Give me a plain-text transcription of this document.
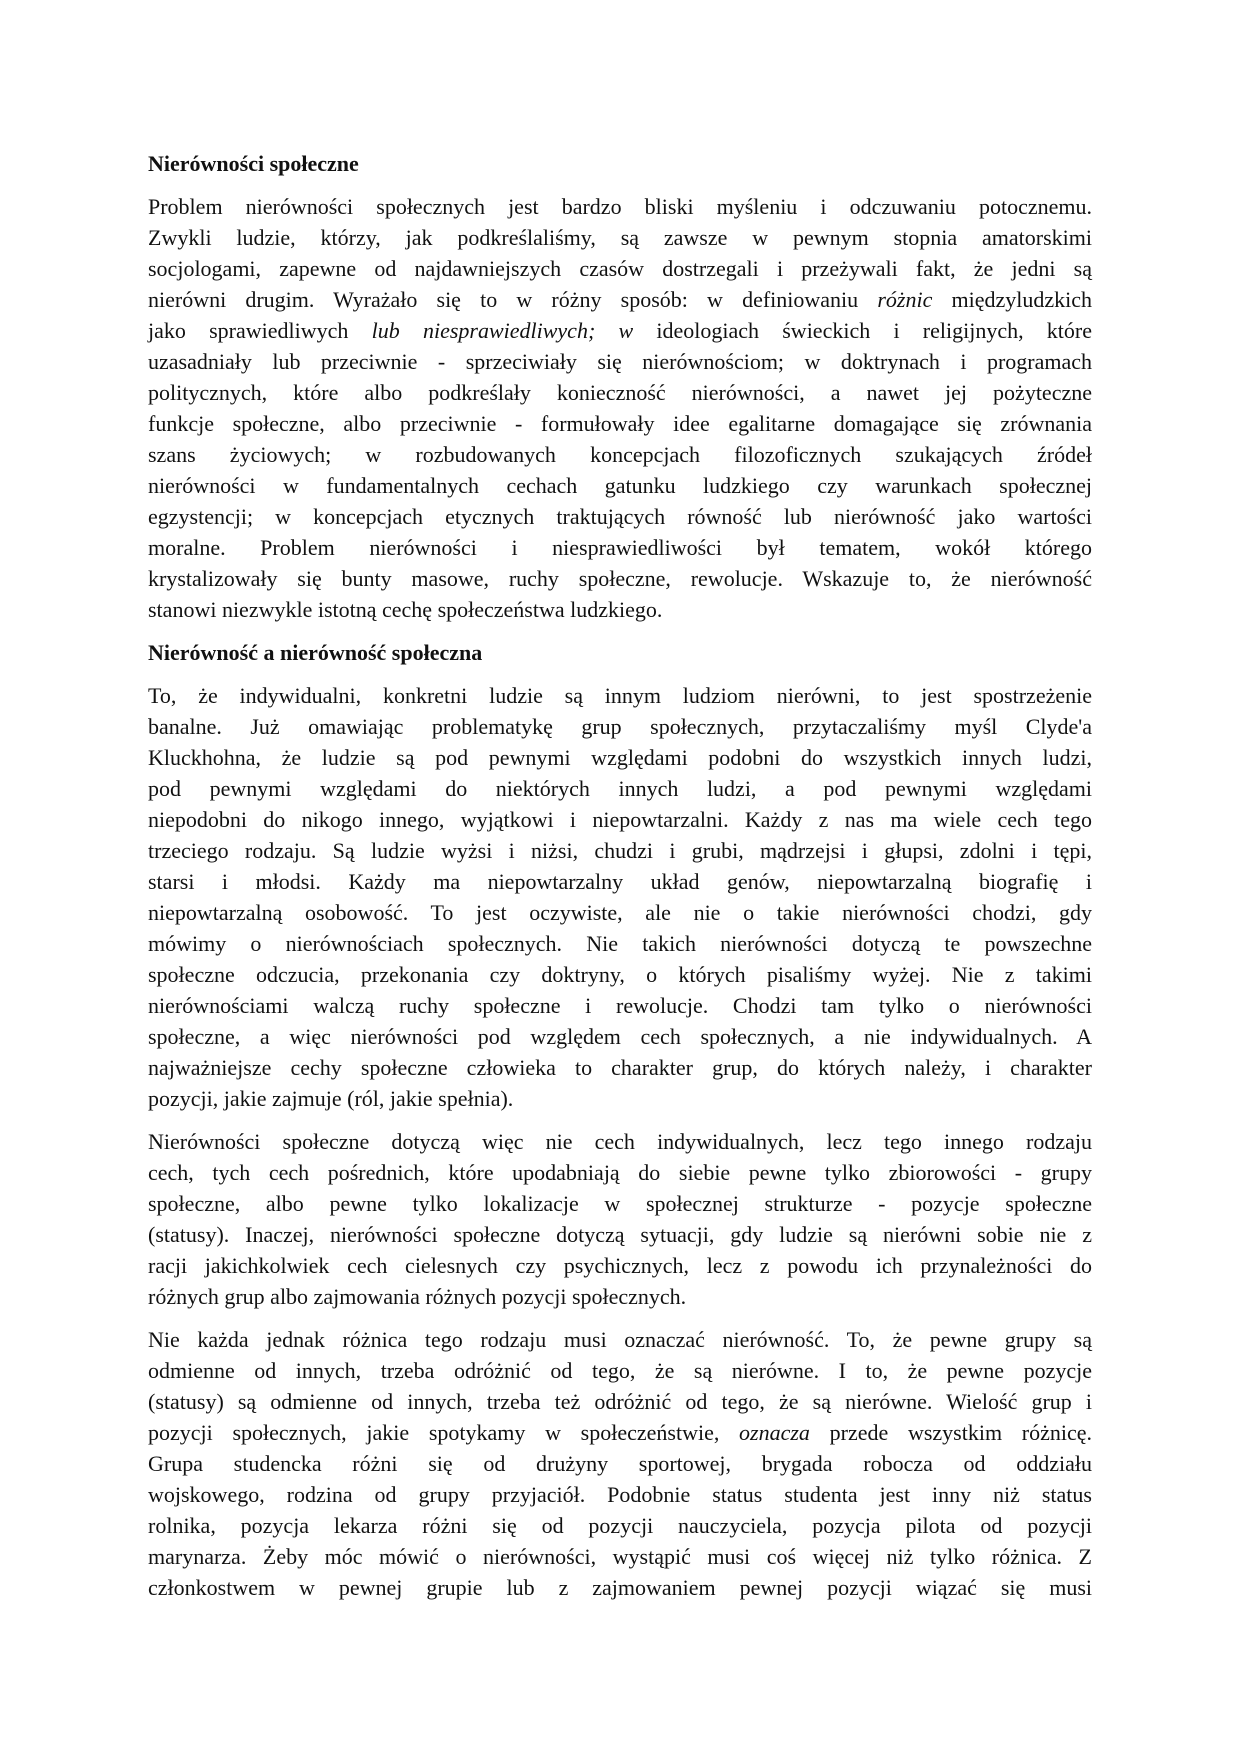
Nierówności społeczne
Problem nierówności społecznych jest bardzo bliski myśleniu i odczuwaniu potocznemu.
Zwykli ludzie, którzy, jak podkreślaliśmy, są zawsze w pewnym stopnia amatorskimi
socjologami, zapewne od najdawniejszych czasów dostrzegali i przeżywali fakt, że jedni są
nierówni drugim. Wyrażało się to w różny sposób: w definiowaniu różnic międzyludzkich
jako sprawiedliwych lub niesprawiedliwych; w ideologiach świeckich i religijnych, które
uzasadniały lub przeciwnie - sprzeciwiały się nierównościom; w doktrynach i programach
politycznych, które albo podkreślały konieczność nierówności, a nawet jej pożyteczne
funkcje społeczne, albo przeciwnie - formułowały idee egalitarne domagające się zrównania
szans życiowych; w rozbudowanych koncepcjach filozoficznych szukających źródeł
nierówności w fundamentalnych cechach gatunku ludzkiego czy warunkach społecznej
egzystencji; w koncepcjach etycznych traktujących równość lub nierówność jako wartości
moralne. Problem nierówności i niesprawiedliwości był tematem, wokół którego
krystalizowały się bunty masowe, ruchy społeczne, rewolucje. Wskazuje to, że nierówność
stanowi niezwykle istotną cechę społeczeństwa ludzkiego.
Nierówność a nierówność społeczna
To, że indywidualni, konkretni ludzie są innym ludziom nierówni, to jest spostrzeżenie
banalne. Już omawiając problematykę grup społecznych, przytaczaliśmy myśl Clyde'a
Kluckhohna, że ludzie są pod pewnymi względami podobni do wszystkich innych ludzi,
pod pewnymi względami do niektórych innych ludzi, a pod pewnymi względami
niepodobni do nikogo innego, wyjątkowi i niepowtarzalni. Każdy z nas ma wiele cech tego
trzeciego rodzaju. Są ludzie wyżsi i niżsi, chudzi i grubi, mądrzejsi i głupsi, zdolni i tępi,
starsi i młodsi. Każdy ma niepowtarzalny układ genów, niepowtarzalną biografię i
niepowtarzalną osobowość. To jest oczywiste, ale nie o takie nierówności chodzi, gdy
mówimy o nierównościach społecznych. Nie takich nierówności dotyczą te powszechne
społeczne odczucia, przekonania czy doktryny, o których pisaliśmy wyżej. Nie z takimi
nierównościami walczą ruchy społeczne i rewolucje. Chodzi tam tylko o nierówności
społeczne, a więc nierówności pod względem cech społecznych, a nie indywidualnych. A
najważniejsze cechy społeczne człowieka to charakter grup, do których należy, i charakter
pozycji, jakie zajmuje (ról, jakie spełnia).
Nierówności społeczne dotyczą więc nie cech indywidualnych, lecz tego innego rodzaju
cech, tych cech pośrednich, które upodabniają do siebie pewne tylko zbiorowości - grupy
społeczne, albo pewne tylko lokalizacje w społecznej strukturze - pozycje społeczne
(statusy). Inaczej, nierówności społeczne dotyczą sytuacji, gdy ludzie są nierówni sobie nie z
racji jakichkolwiek cech cielesnych czy psychicznych, lecz z powodu ich przynależności do
różnych grup albo zajmowania różnych pozycji społecznych.
Nie każda jednak różnica tego rodzaju musi oznaczać nierówność. To, że pewne grupy są
odmienne od innych, trzeba odróżnić od tego, że są nierówne. I to, że pewne pozycje
(statusy) są odmienne od innych, trzeba też odróżnić od tego, że są nierówne. Wielość grup i
pozycji społecznych, jakie spotykamy w społeczeństwie, oznacza przede wszystkim różnicę.
Grupa studencka różni się od drużyny sportowej, brygada robocza od oddziału
wojskowego, rodzina od grupy przyjaciół. Podobnie status studenta jest inny niż status
rolnika, pozycja lekarza różni się od pozycji nauczyciela, pozycja pilota od pozycji
marynarza. Żeby móc mówić o nierówności, wystąpić musi coś więcej niż tylko różnica. Z
członkostwem w pewnej grupie lub z zajmowaniem pewnej pozycji wiązać się musi
